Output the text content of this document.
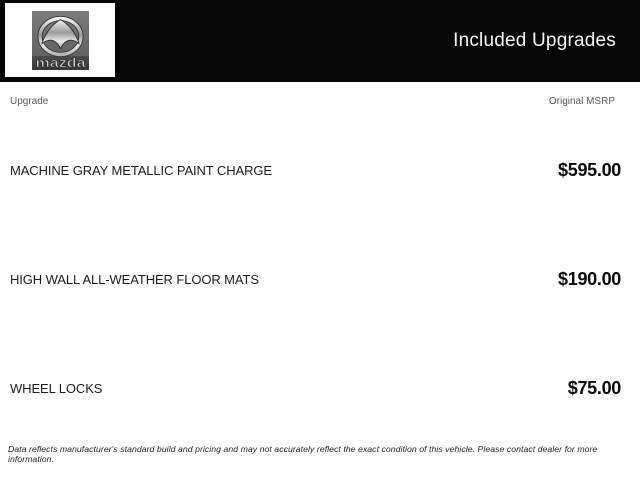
mazda
Included Upgrades
Upgrade	Original MSRP
MACHINE GRAY METALLIC PAINT CHARGE	$595.00
HIGH WALL ALL-WEATHER FLOOR MATS	$190.00
WHEEL LOCKS	$75.00
Data reflects manufacturer's standard build and pricing and may not accurately reflect the exact condition of this vehicle. Please contact dealer for more information.
